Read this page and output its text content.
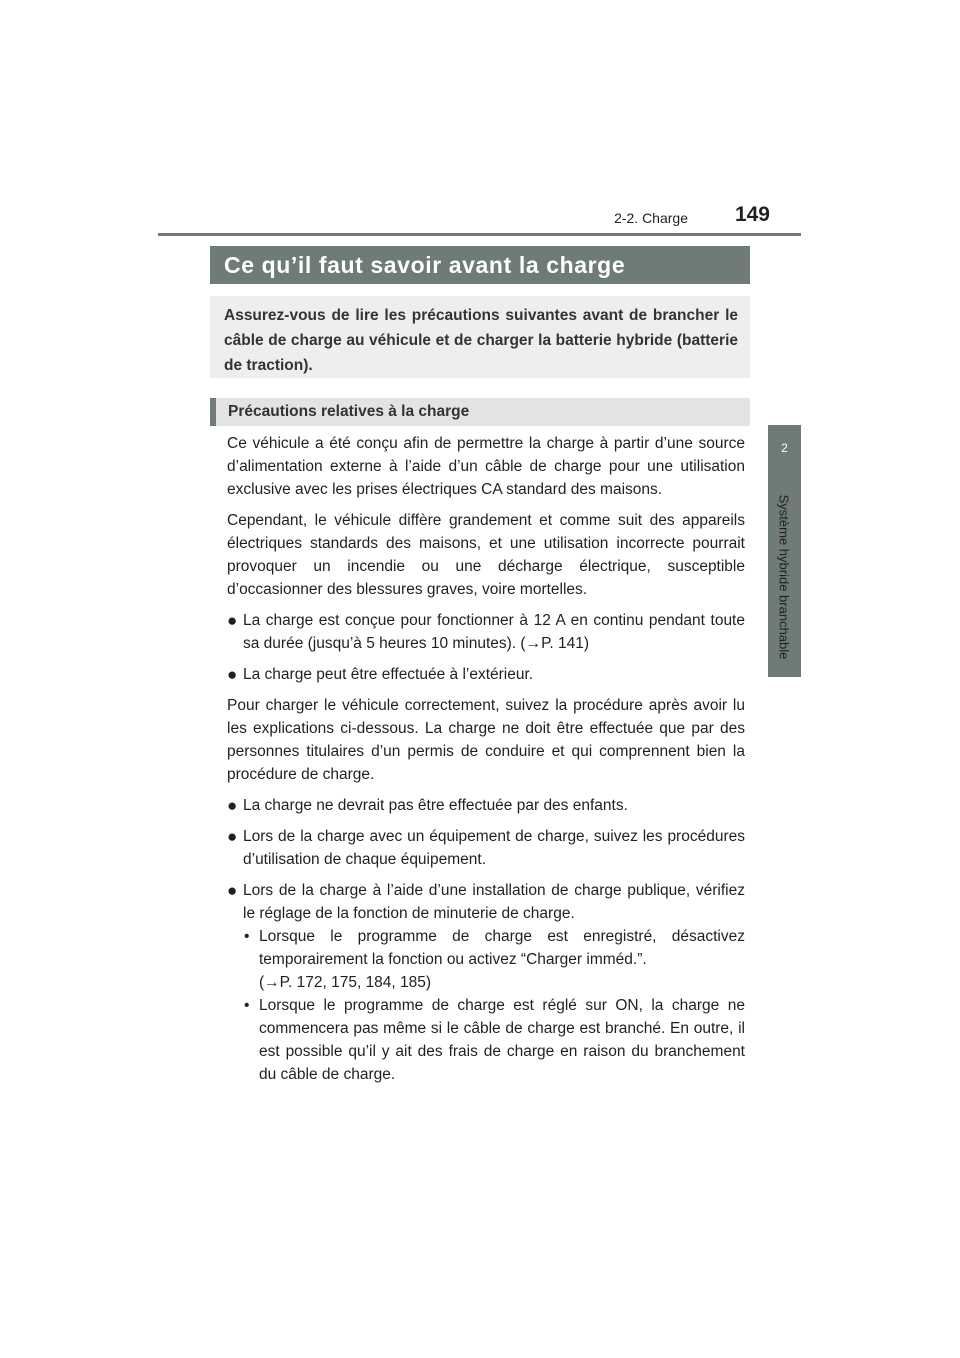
149
2-2. Charge
2
Système hybride branchable
Ce qu’il faut savoir avant la charge
Assurez-vous de lire les précautions suivantes avant de brancher le câble de charge au véhicule et de charger la batterie hybride (batterie de traction).
Précautions relatives à la charge

Ce véhicule a été conçu afin de permettre la charge à partir d’une source d’alimentation externe à l’aide d’un câble de charge pour une utilisation exclusive avec les prises électriques CA standard des maisons.

Cependant, le véhicule diffère grandement et comme suit des appareils électriques standards des maisons, et une utilisation incorrecte pourrait provoquer un incendie ou une décharge électrique, susceptible d’occasionner des blessures graves, voire mortelles.

● La charge est conçue pour fonctionner à 12 A en continu pendant toute sa durée (jusqu’à 5 heures 10 minutes). (→P. 141)
● La charge peut être effectuée à l’extérieur.

Pour charger le véhicule correctement, suivez la procédure après avoir lu les explications ci-dessous. La charge ne doit être effectuée que par des personnes titulaires d’un permis de conduire et qui comprennent bien la procédure de charge.

● La charge ne devrait pas être effectuée par des enfants.
● Lors de la charge avec un équipement de charge, suivez les procédures d’utilisation de chaque équipement.
● Lors de la charge à l’aide d’une installation de charge publique, vérifiez le réglage de la fonction de minuterie de charge.
• Lorsque le programme de charge est enregistré, désactivez temporairement la fonction ou activez “Charger imméd.”.
(→P. 172, 175, 184, 185)
• Lorsque le programme de charge est réglé sur ON, la charge ne commencera pas même si le câble de charge est branché. En outre, il est possible qu’il y ait des frais de charge en raison du branchement du câble de charge.
